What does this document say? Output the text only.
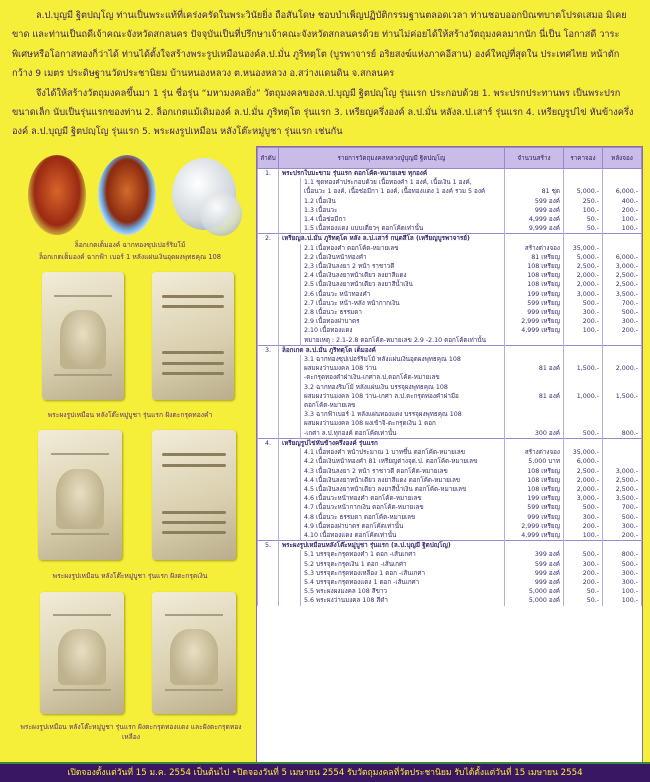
ล.ป.บุญมี ฐิตปญฺโญ ท่านเป็นพระแท้ที่เคร่งครัดในพระวินัยยิ่ง ถือสันโดษ ชอบบำเพ็ญปฏิบัติกรรมฐานตลอดเวลา ท่านชอบออกบิณฑบาตโปรดเสมอ มิเคยขาด และท่านเป็นถดีเจ้าคณะจังหวัดสกลนคร ปัจจุบันเป็นที่ปรึกษาเจ้าคณะจังหวัดสกลนครด้วย ท่านไม่ค่อยได้ให้สร้างวัตถุมงคลมากนัก นี่เป็น โอกาสดี วาระพิเศษหรือโอกาสทองก็ว่าได้ ท่านได้ตั้งใจสร้างพระรูปเหมือนองค์ล.ป.มั่น ภูริทตฺโต (บูรพาจารย์ อริยสงฆ์แห่งภาคอีสาน) องค์ใหญ่ที่สุดใน ประเทศไทย หน้าตักกว้าง 9 เมตร ประดิษฐานวัดประชานิยม บ้านหนองหลวง ต.หนองหลวง อ.สว่างแดนดิน จ.สกลนคร

จึงได้ให้สร้างวัตถุมงคลขึ้นมา 1 รุ่น ชื่อรุ่น “มหามงคลยิ่ง” วัตถุมงคลของล.ป.บุญมี ฐิตปญฺโญ รุ่นแรก ประกอบด้วย 1. พระปรกประทานพร เป็นพระปรกขนาดเล็ก นับเป็นรุ่นแรกของท่าน 2. ล็อกเกตแม้เดิมองค์ ล.ป.มั่น ภูริทตฺโต รุ่นแรก 3. เหรียญครึ่งองค์ ล.ป.มั่น หลังล.ป.เสาร์ รุ่นแรก 4. เหรียญรูปไข่ หันข้างครึ่งองค์ ล.ป.บุญมี ฐิตปญฺโญ รุ่นแรก 5. พระผงรูปเหมือน หลังโต๊ะหมู่บูชา รุ่นแรก เช่นกัน

ล็อกเกตเต็มองค์ ฉากทองซุปเปอร์ริมโม้
ล็อกเกตเต็มองค์ ฉากฟ้า เบอร์ 1 หลังแผ่นเงินอุดผงพุทธคุณ 108
พระผงรูปเหมือน หลังโต๊ะหมู่บูชา รุ่นแรก ฝังตะกรุดทองคำ
พระผงรูปเหมือน หลังโต๊ะหมู่บูชา รุ่นแรก ฝังตะกรุดเงิน
พระผงรูปเหมือน หลังโต๊ะหมู่บูชา รุ่นแรก ฝังตะกรุดทองแดง และฝังตะกรุดทองเหลือง
ลำดับ	รายการวัตถุมงคลหลวงปู่บุญมี ฐิตปญฺโญ		จำนวนสร้าง	ราคาจอง	หลังจอง
1.	พระปรกใบมะขาม รุ่นแรก ตอกโค้ต-หมายเลข ทุกองค์				
		1.1 ชุดทองคำประกอบด้วย เนื้อทองคำ 1 องค์, เนื้อเงิน 1 องค์,			
		เนื้อนวะ 1 องค์, เนื้อช่อมีกา 1 องค์, เนื้อทองแดง 1 องค์ รวม 5 องค์	81 ชุด	5,000.-	6,000.-
		1.2 เนื้อเงิน	599 องค์	250.-	400.-
		1.3 เนื้อนวะ	999 องค์	100.-	200.-
		1.4 เนื้อช่อมีกา	4,999 องค์	50.-	100.-
		1.5 เนื้อทองแดง แบบเดี่ยวๆ ตอกโค้ตเท่านั้น	9,999 องค์	50.-	100.-
2.	เหรียญล.ป.มั่น ภูริทตฺโต หลัง ล.ป.เสาร์ กนฺตสีโล (เหรียญบูรพาจารย์)				
		2.1 เนื้อทองคำ ตอกโค้ต-หมายเลข	สร้างต่างจอง	35,000.-	
		2.2 เนื้อเงินหน้าทองคำ	81 เหรียญ	5,000.-	6,000.-
		2.3 เนื้อเงินลงยา 2 หน้า ราชาวดี	108 เหรียญ	2,500.-	3,000.-
		2.4 เนื้อเงินลงยาหน้าเดียว ลงยาสีแดง	108 เหรียญ	2,000.-	2,500.-
		2.5 เนื้อเงินลงยาหน้าเดียว ลงยาสีน้ำเงิน	108 เหรียญ	2,000.-	2,500.-
		2.6 เนื้อนวะ หน้าทองคำ	199 เหรียญ	3,000.-	3,500.-
		2.7 เนื้อนวะ หน้า-หลัง หน้ากากเงิน	599 เหรียญ	500.-	700.-
		2.8 เนื้อนวะ ธรรมดา	999 เหรียญ	300.-	500.-
		2.9 เนื้อทองฝาบาตร	2,999 เหรียญ	200.-	300.-
		2.10 เนื้อทองแดง	4,999 เหรียญ	100.-	200.-
		หมายเหตุ : 2.1-2.8 ตอกโค้ต-หมายเลข 2.9 -2.10 ตอกโค้ตเท่านั้น			
3.	ล็อกเกต ล.ป.มั่น ภูริทตฺโต เต็มองค์				
		3.1 ฉากทองซุปเปอร์ริมโม้ หลังแผ่นเงินอุดผงพุทธคุณ 108			
		ผสมผงว่านมงคล 108 ว่าน	81 องค์	1,500.-	2,000.-
		-ตะกรุดทองคำฝาเงิน-เกศาล.ป.ตอกโค้ต-หมายเลข			
		3.2 ฉากทองริมโม้ หลังแผ่นเงิน บรรจุผงพุทธคุณ 108			
		ผสมผงว่านมงคล 108 ว่าน-เกศา ล.ป.ตะกรุดทองคำฝามือ	81 องค์	1,000.-	1,500.-
		ตอกโค้ต-หมายเลข			
		3.3 ฉากฟ้าเบอร์ 1 หลังแผ่นทองแดง บรรจุผงพุทธคุณ 108			
		ผสมผงว่านมงคล 108 ผงเข้าจิ-ตะกรุดเงิน 1 ดอก			
		-เกศา ล.ป.ทุกองค์ ตอกโค้ตเท่านั้น	300 องค์	500.-	800.-
4.	เหรียญรูปไข่หันข้างครึ่งองค์ รุ่นแรก				
		4.1 เนื้อทองคำ หน้าประมาณ 1 บาทขึ้น ตอกโค้ต-หมายเลข	สร้างต่างจอง	35,000.-	
		4.2 เนื้อเงินหน้าทองคำ 81 เหรียญต่างจุด.ป. ตอกโค้ต-หมายเลข	5,000 บาท	6,000.-	
		4.3 เนื้อเงินลงยา 2 หน้า ราชาวดี ตอกโค้ต-หมายเลข	108 เหรียญ	2,500.-	3,000.-
		4.4 เนื้อเงินลงยาหน้าเดียว ลงยาสีแดง ตอกโค้ต-หมายเลข	108 เหรียญ	2,000.-	2,500.-
		4.5 เนื้อเงินลงยาหน้าเดียว ลงยาสีน้ำเงิน ตอกโค้ต-หมายเลข	108 เหรียญ	2,000.-	2,500.-
		4.6 เนื้อนวะหน้าทองคำ ตอกโค้ต-หมายเลข	199 เหรียญ	3,000.-	3,500.-
		4.7 เนื้อนวะหน้ากากเงิน ตอกโค้ต-หมายเลข	599 เหรียญ	500.-	700.-
		4.8 เนื้อนวะ ธรรมดา ตอกโค้ต-หมายเลข	999 เหรียญ	300.-	500.-
		4.9 เนื้อทองฝาบาตร ตอกโค้ตเท่านั้น	2,999 เหรียญ	200.-	300.-
		4.10 เนื้อทองแดง ตอกโค้ตเท่านั้น	4,999 เหรียญ	100.-	200.-
5.	พระผงรูปเหมือนหลังโต๊ะหมู่บูชา รุ่นแรก (ล.ป.บุญมี ฐิตปญฺโญ)				
		5.1 บรรจุตะกรุดทองคำ 1 ดอก -เส้นเกศา	399 องค์	500.-	800.-
		5.2 บรรจุตะกรุดเงิน 1 ดอก -เส้นเกศา	599 องค์	300.-	500.-
		5.3 บรรจุตะกรุดทองเหลือง 1 ดอก -เส้นเกศา	999 องค์	200.-	300.-
		5.4 บรรจุตะกรุดทองแดง 1 ดอก -เส้นเกศา	999 องค์	200.-	300.-
		5.5 พระผงผงมงคล 108 สีขาว	5,000 องค์	50.-	100.-
		5.6 พระผงว่านมงคล 108 สีดำ	5,000 องค์	50.-	100.-
เปิดจองตั้งแต่วันที่ 15 ม.ค. 2554 เป็นต้นไป •ปิดจองวันที่ 5 เมษายน 2554 รับวัตถุมงคลที่วัดประชานิยม รับได้ตั้งแต่วันที่ 15 เมษายน 2554
